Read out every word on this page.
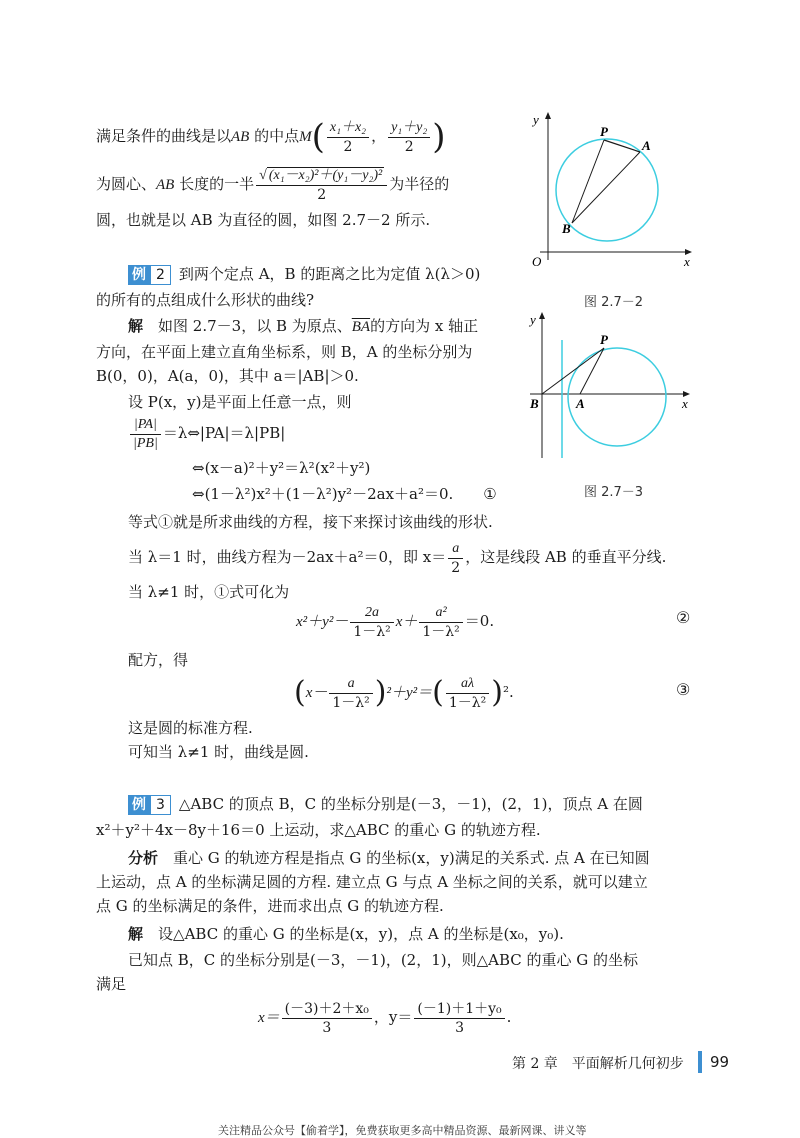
满足条件的曲线是以AB 的中点$M( \frac{\text{x₁＋x₂}}{2}$ ， $\frac{\text{y₁＋y₂}}{2}$ )
为圆心、AB 长度的一半 $\frac{\text{√ (x₁－x₂)²＋(y₁－y₂)²}}{2}$ 为半径的
圆，也就是以 AB 为直径的圆，如图 2.7－2 所示.
y
x
O
P
A
B
图 2.7－2
例 2 到两个定点 A，B 的距离之比为定值 λ(λ＞0)
的所有的点组成什么形状的曲线?
解　 如图 2.7－3，以 B 为原点、$\overline{BA}$的方向为 x 轴正
方向，在平面上建立直角坐标系，则 B，A 的坐标分别为
B(0，0)，A(a，0)，其中 a＝|AB|＞0.
设 P(x，y)是平面上任意一点，则
$\frac{|PA|}{|PB|}$ ＝λ⇔|PA|＝λ|PB|
⇔(x－a)²＋y²＝λ²(x²＋y²)
⇔(1－λ²)x²＋(1－λ²)y²－2ax＋a²＝0. ①
y
x
P
A
B
图 2.7－3
等式①就是所求曲线的方程，接下来探讨该曲线的形状.
当 λ＝1 时，曲线方程为－2ax＋a²＝0，即 $x= \frac{a}{2}$ ，这是线段 AB 的垂直平分线.
当 λ≠1 时，①式可化为
$x^2+y^2- \frac{2a}{\text{1－λ²}} x+ \frac{\text{a²}}{\text{1－λ²}} =0$.	②
配方，得
$(x- \frac{a}{\text{1－λ²}} )^2+y^2=( \frac{a\lambda}{\text{1－λ²}} )^2$.	③
这是圆的标准方程.
可知当 λ≠1 时，曲线是圆.
例 3 △ABC 的顶点 B，C 的坐标分别是(－3，－1)，(2，1)，顶点 A 在圆
x²＋y²＋4x－8y＋16＝0 上运动，求△ABC 的重心 G 的轨迹方程.
分析　 重心 G 的轨迹方程是指点 G 的坐标(x，y)满足的关系式. 点 A 在已知圆
上运动，点 A 的坐标满足圆的方程. 建立点 G 与点 A 坐标之间的关系，就可以建立
点 G 的坐标满足的条件，进而求出点 G 的轨迹方程.
解　 设△ABC 的重心 G 的坐标是(x，y)，点 A 的坐标是(x₀，y₀).
已知点 B，C 的坐标分别是(－3，－1)，(2，1)，则△ABC 的重心 G 的坐标
满足
$x= \frac{\text{(－3)＋2＋x₀}}{3}$ ，$y= \frac{\text{(－1)＋1＋y₀}}{3}$ .
第 2 章　平面解析几何初步 99
关注精品公众号【偷着学】，免费获取更多高中精品资源、最新网课、讲义等
